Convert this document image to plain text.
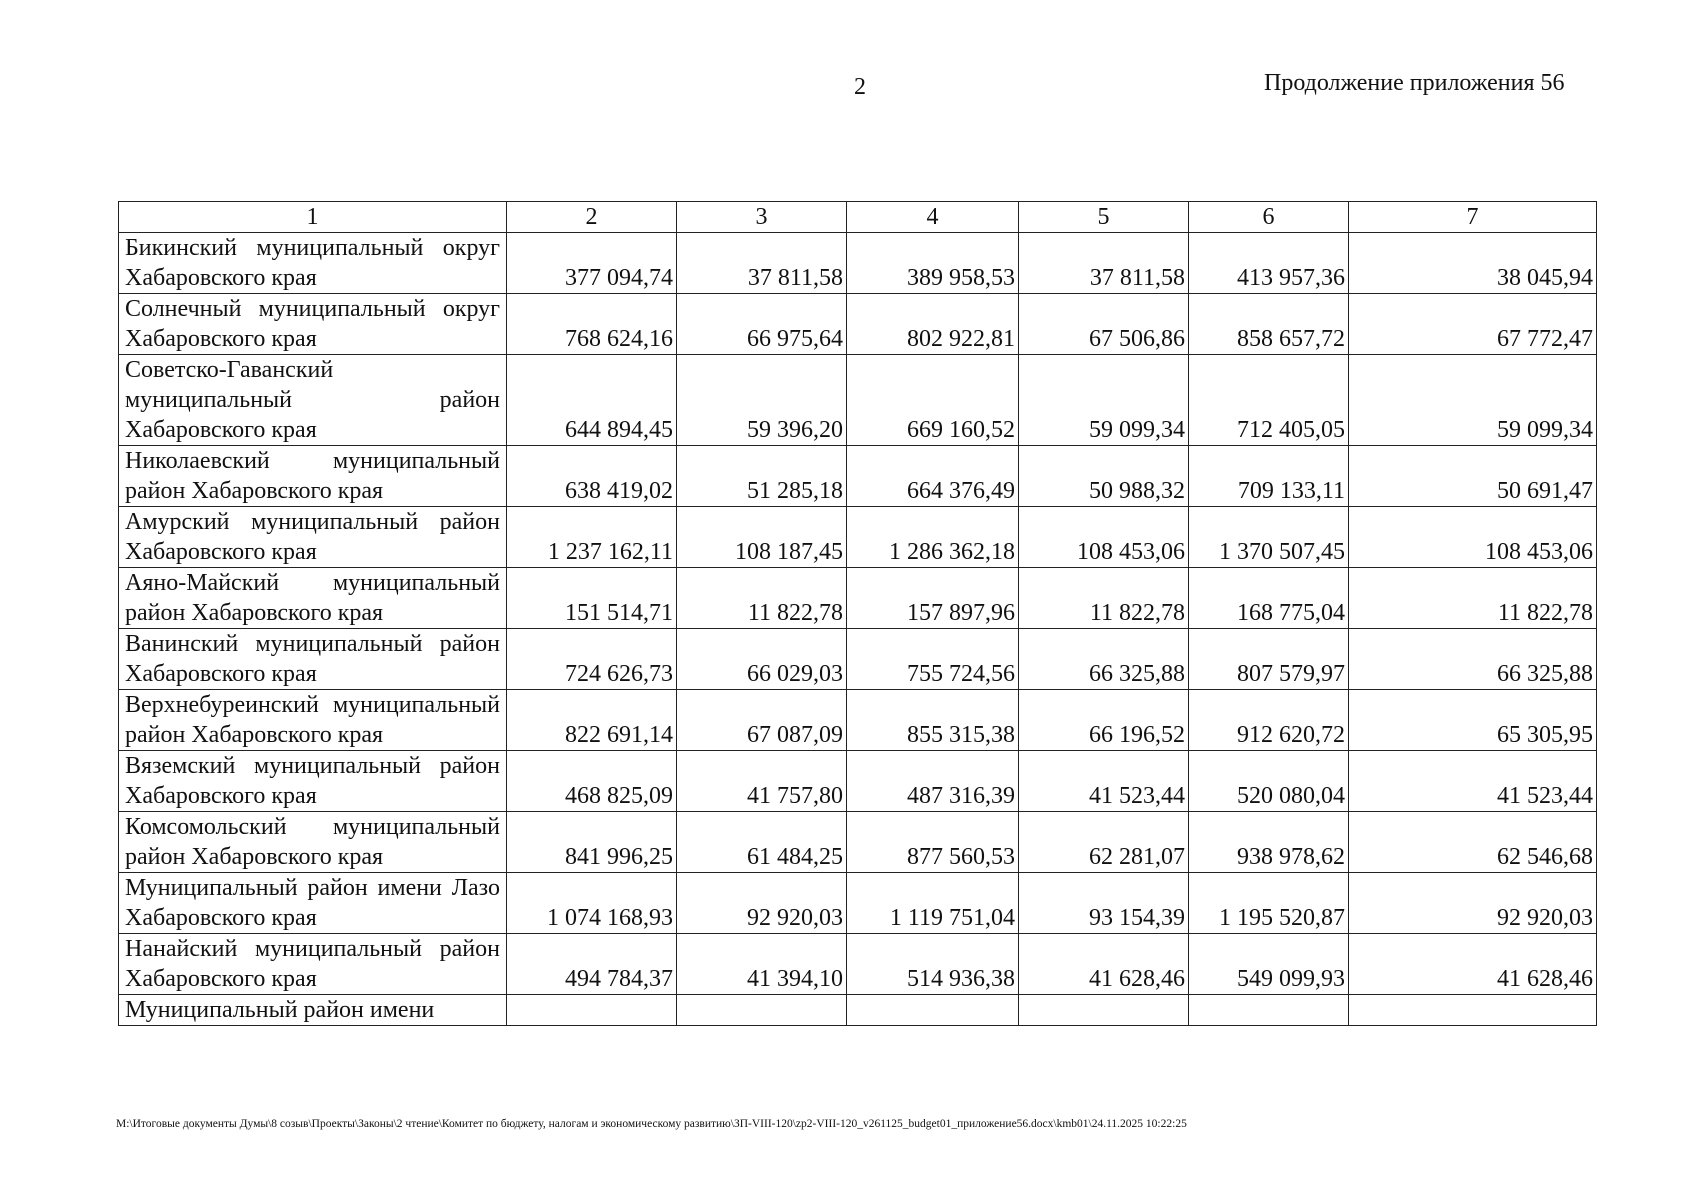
2	Продолжение приложения 56
1	2	3	4	5	6	7
Бикинский муниципальный округ Хабаровского края	377 094,74	37 811,58	389 958,53	37 811,58	413 957,36	38 045,94
Солнечный муниципальный округ Хабаровского края	768 624,16	66 975,64	802 922,81	67 506,86	858 657,72	67 772,47
Советско-Гаванский муниципальный район Хабаровского края	644 894,45	59 396,20	669 160,52	59 099,34	712 405,05	59 099,34
Николаевский муниципальный район Хабаровского края	638 419,02	51 285,18	664 376,49	50 988,32	709 133,11	50 691,47
Амурский муниципальный район Хабаровского края	1 237 162,11	108 187,45	1 286 362,18	108 453,06	1 370 507,45	108 453,06
Аяно-Майский муниципальный район Хабаровского края	151 514,71	11 822,78	157 897,96	11 822,78	168 775,04	11 822,78
Ванинский муниципальный район Хабаровского края	724 626,73	66 029,03	755 724,56	66 325,88	807 579,97	66 325,88
Верхнебуреинский муниципальный район Хабаровского края	822 691,14	67 087,09	855 315,38	66 196,52	912 620,72	65 305,95
Вяземский муниципальный район Хабаровского края	468 825,09	41 757,80	487 316,39	41 523,44	520 080,04	41 523,44
Комсомольский муниципальный район Хабаровского края	841 996,25	61 484,25	877 560,53	62 281,07	938 978,62	62 546,68
Муниципальный район имени Лазо Хабаровского края	1 074 168,93	92 920,03	1 119 751,04	93 154,39	1 195 520,87	92 920,03
Нанайский муниципальный район Хабаровского края	494 784,37	41 394,10	514 936,38	41 628,46	549 099,93	41 628,46
Муниципальный район имени						
M:\Итоговые документы Думы\8 созыв\Проекты\Законы\2 чтение\Комитет по бюджету, налогам и экономическому развитию\ЗП-VIII-120\zp2-VIII-120_v261125_budget01_приложение56.docx\kmb01\24.11.2025 10:22:25
